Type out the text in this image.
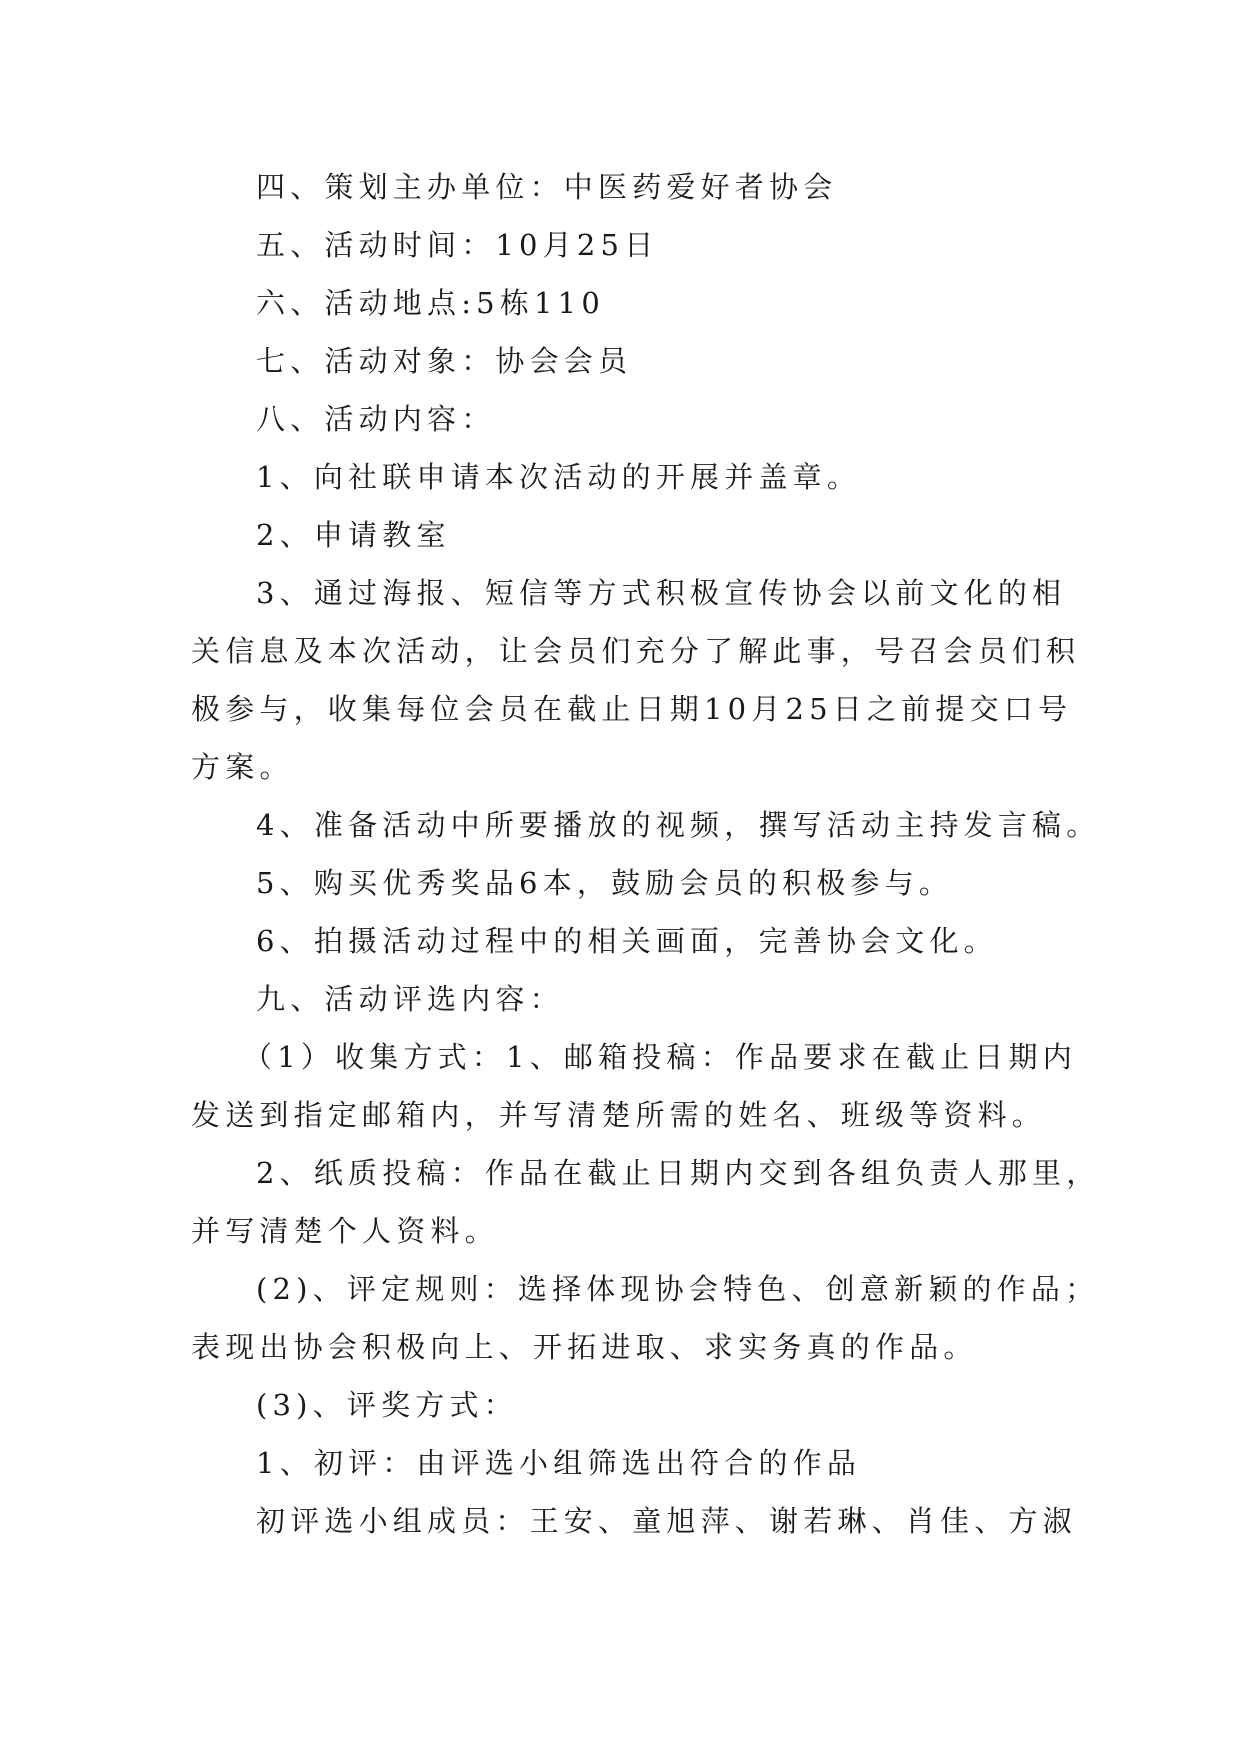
四、策划主办单位：中医药爱好者协会
五、活动时间：10月25日
六、活动地点:5栋110
七、活动对象：协会会员
八、活动内容：
1、向社联申请本次活动的开展并盖章。
2、申请教室
3、通过海报、短信等方式积极宣传协会以前文化的相
关信息及本次活动，让会员们充分了解此事，号召会员们积
极参与，收集每位会员在截止日期10月25日之前提交口号
方案。
4、准备活动中所要播放的视频，撰写活动主持发言稿。
5、购买优秀奖品6本，鼓励会员的积极参与。
6、拍摄活动过程中的相关画面，完善协会文化。
九、活动评选内容：
（1）收集方式：1、邮箱投稿：作品要求在截止日期内
发送到指定邮箱内，并写清楚所需的姓名、班级等资料。
2、纸质投稿：作品在截止日期内交到各组负责人那里，
并写清楚个人资料。
(2)、评定规则：选择体现协会特色、创意新颖的作品；
表现出协会积极向上、开拓进取、求实务真的作品。
(3)、评奖方式：
1、初评：由评选小组筛选出符合的作品
初评选小组成员：王安、童旭萍、谢若琳、肖佳、方淑
